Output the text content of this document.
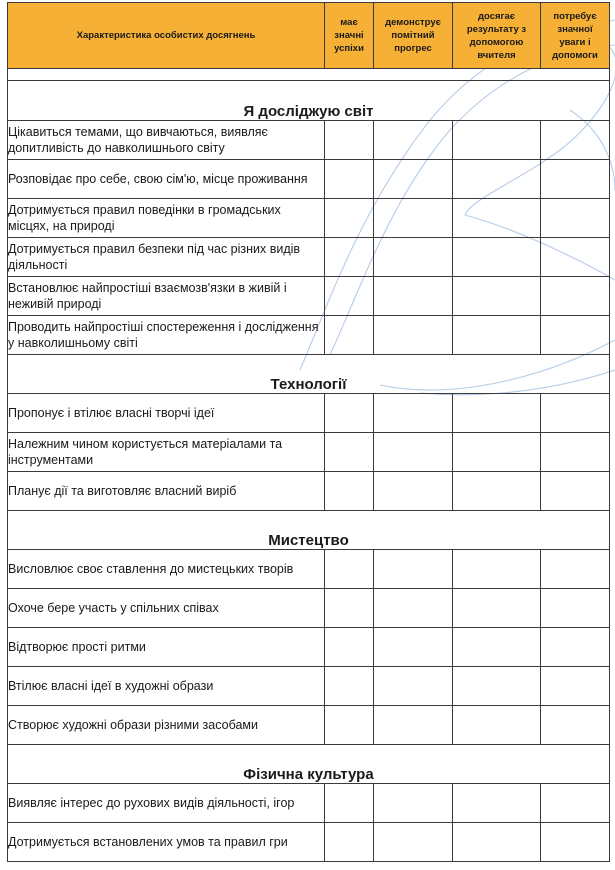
Характеристика особистих досягнень	має значні успіхи	демонструє помітний прогрес	досягає результату з допомогою вчителя	потребує значної уваги і допомоги

Я досліджую світ				
Цікавиться темами, що вивчаються, виявляє допитливість до навколишнього світу				
Розповідає про себе, свою сім'ю, місце проживання				
Дотримується правил поведінки в громадських місцях, на природі				
Дотримується правил безпеки під час різних видів діяльності				
Встановлює найпростіші взаємозв'язки в живій і неживій природі				
Проводить найпростіші спостереження і дослідження у навколишньому світі				
Технології				
Пропонує і втілює власні творчі ідеї				
Належним чином користується матеріалами та інструментами				
Планує дії та виготовляє власний виріб				
Мистецтво				
Висловлює своє ставлення до мистецьких творів				
Охоче бере участь у спільних співах				
Відтворює прості ритми				
Втілює власні ідеї в художні образи				
Створює художні образи різними засобами				
Фізична культура				
Виявляє інтерес до рухових видів діяльності, ігор				
Дотримується встановлених умов та правил гри				
